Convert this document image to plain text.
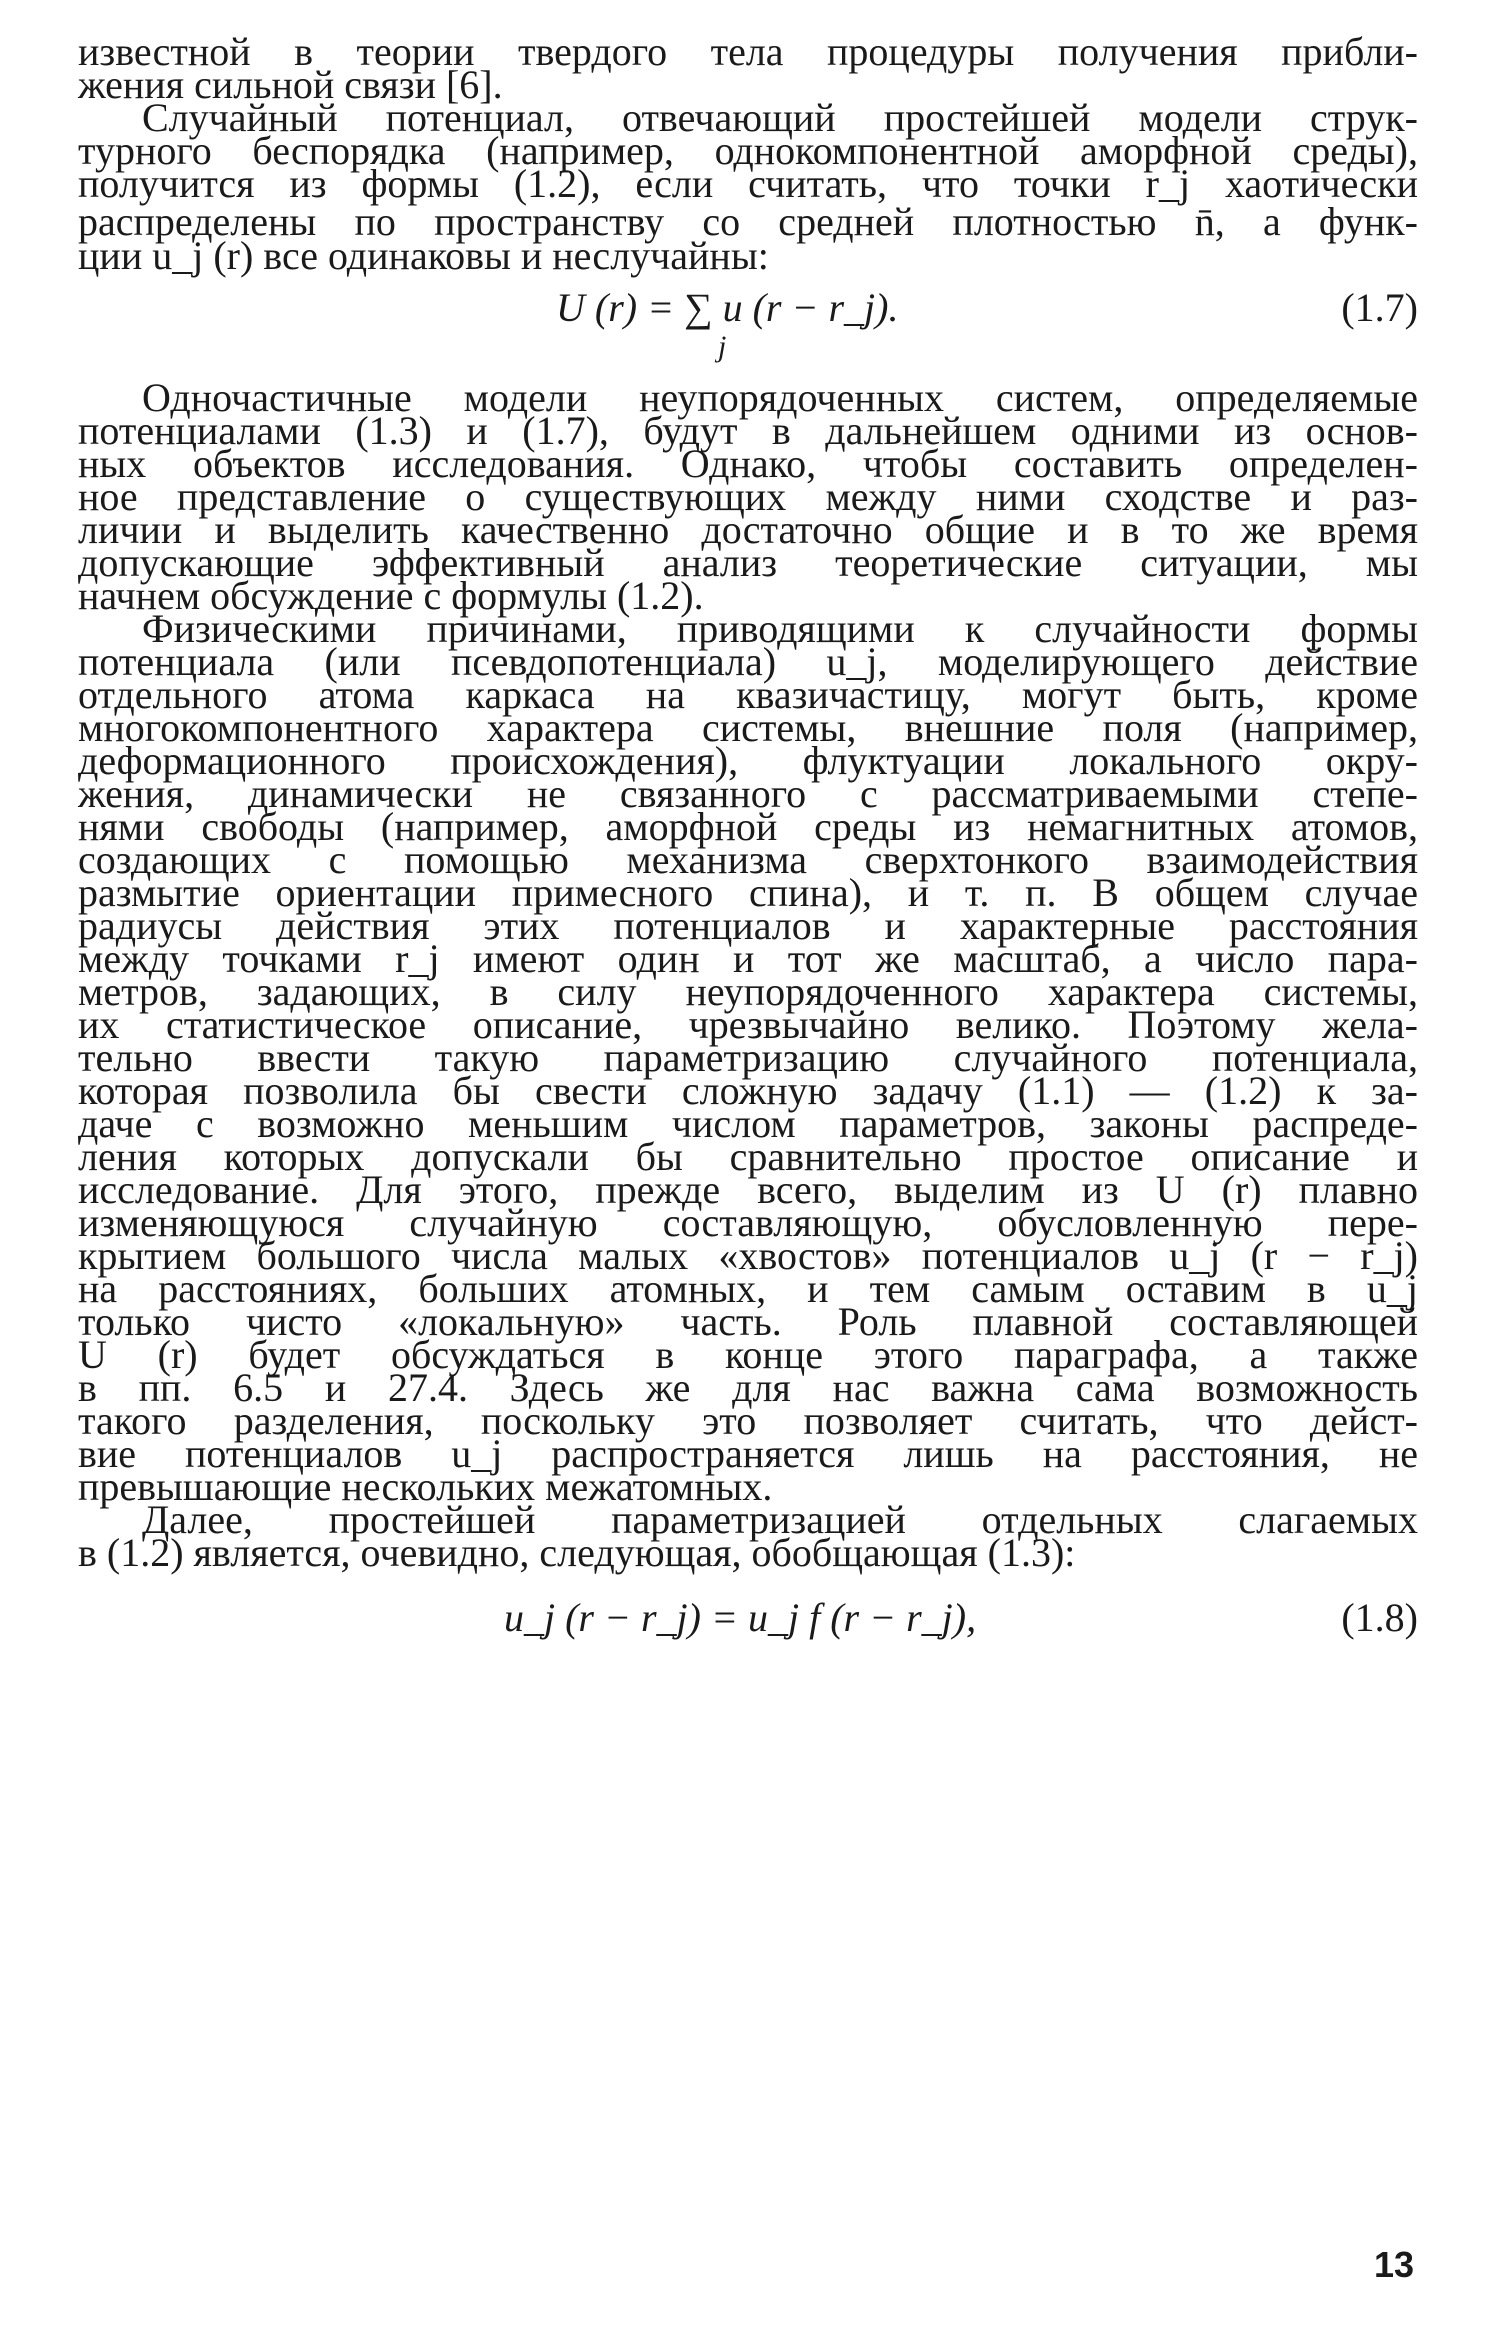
известной в теории твердого тела процедуры получения прибли-
жения сильной связи [6].
Случайный потенциал, отвечающий простейшей модели струк-
турного беспорядка (например, однокомпонентной аморфной среды),
получится из формы (1.2), если считать, что точки r_j хаотически
распределены по пространству со средней плотностью n̄, а функ-
ции u_j (r) все одинаковы и неслучайны:
U (r) = ∑ u (r − r_j).
j
(1.7)
Одночастичные модели неупорядоченных систем, определяемые
потенциалами (1.3) и (1.7), будут в дальнейшем одними из основ-
ных объектов исследования. Однако, чтобы составить определен-
ное представление о существующих между ними сходстве и раз-
личии и выделить качественно достаточно общие и в то же время
допускающие эффективный анализ теоретические ситуации, мы
начнем обсуждение с формулы (1.2).
Физическими причинами, приводящими к случайности формы
потенциала (или псевдопотенциала) u_j, моделирующего действие
отдельного атома каркаса на квазичастицу, могут быть, кроме
многокомпонентного характера системы, внешние поля (например,
деформационного происхождения), флуктуации локального окру-
жения, динамически не связанного с рассматриваемыми степе-
нями свободы (например, аморфной среды из немагнитных атомов,
создающих с помощью механизма сверхтонкого взаимодействия
размытие ориентации примесного спина), и т. п. В общем случае
радиусы действия этих потенциалов и характерные расстояния
между точками r_j имеют один и тот же масштаб, а число пара-
метров, задающих, в силу неупорядоченного характера системы,
их статистическое описание, чрезвычайно велико. Поэтому жела-
тельно ввести такую параметризацию случайного потенциала,
которая позволила бы свести сложную задачу (1.1) — (1.2) к за-
даче с возможно меньшим числом параметров, законы распреде-
ления которых допускали бы сравнительно простое описание и
исследование. Для этого, прежде всего, выделим из U (r) плавно
изменяющуюся случайную составляющую, обусловленную пере-
крытием большого числа малых «хвостов» потенциалов u_j (r − r_j)
на расстояниях, больших атомных, и тем самым оставим в u_j
только чисто «локальную» часть. Роль плавной составляющей
U (r) будет обсуждаться в конце этого параграфа, а также
в пп. 6.5 и 27.4. Здесь же для нас важна сама возможность
такого разделения, поскольку это позволяет считать, что дейст-
вие потенциалов u_j распространяется лишь на расстояния, не
превышающие нескольких межатомных.
Далее, простейшей параметризацией отдельных слагаемых
в (1.2) является, очевидно, следующая, обобщающая (1.3):
u_j (r − r_j) = u_j f (r − r_j),	(1.8)
13
